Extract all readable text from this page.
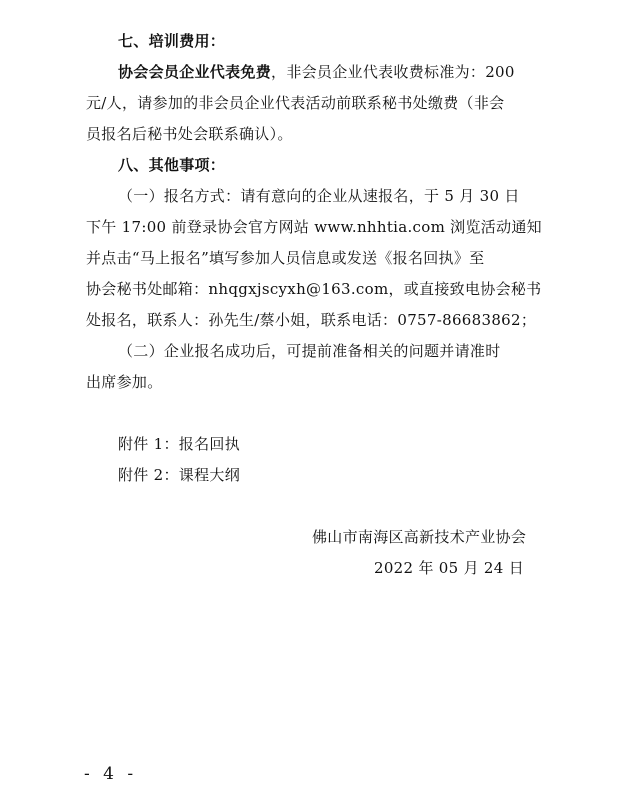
七、培训费用：
协会会员企业代表免费，非会员企业代表收费标准为：200
元/人，请参加的非会员企业代表活动前联系秘书处缴费（非会
员报名后秘书处会联系确认）。
八、其他事项：
（一）报名方式：请有意向的企业从速报名，于 5 月 30 日
下午 17:00 前登录协会官方网站 www.nhhtia.com 浏览活动通知
并点击“马上报名”填写参加人员信息或发送《报名回执》至
协会秘书处邮箱：nhqgxjscyxh@163.com，或直接致电协会秘书
处报名，联系人：孙先生/蔡小姐，联系电话：0757-86683862；
（二）企业报名成功后，可提前准备相关的问题并请准时
出席参加。
附件 1：报名回执
附件 2：课程大纲
佛山市南海区高新技术产业协会
2022 年 05 月 24 日
- 4 -
